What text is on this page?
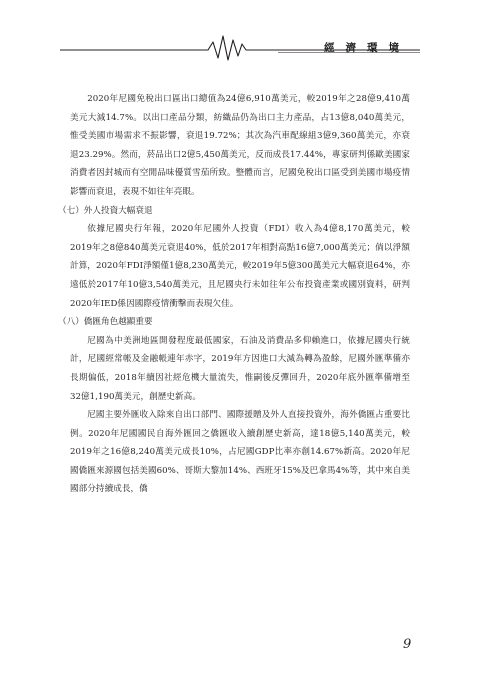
經濟環境

2020年尼國免稅出口區出口總值為24億6,910萬美元，較2019年之28億9,410萬美元大減14.7%。以出口產品分類，紡織品仍為出口主力產品，占13億8,040萬美元，惟受美國市場需求不振影響，衰退19.72%；其次為汽車配線組3億9,360萬美元，亦衰退23.29%。然而，菸品出口2億5,450萬美元，反而成長17.44%，專家研判係歐美國家消費者因封城而有空閒品味優質雪茄所致。整體而言，尼國免稅出口區受到美國市場疫情影響而衰退，表現不如往年亮眼。

（七）外人投資大幅衰退

依據尼國央行年報，2020年尼國外人投資（FDI）收入為4億8,170萬美元，較2019年之8億840萬美元衰退40%，低於2017年相對高點16億7,000萬美元；倘以淨額計算，2020年FDI淨額僅1億8,230萬美元，較2019年5億300萬美元大幅衰退64%，亦遠低於2017年10億3,540萬美元，且尼國央行未如往年公布投資產業或國別資料，研判2020年IED係因國際疫情衝擊而表現欠佳。

（八）僑匯角色越顯重要

尼國為中美洲地區開發程度最低國家，石油及消費品多仰賴進口，依據尼國央行統計，尼國經常帳及金融帳連年赤字，2019年方因進口大減為轉為盈餘，尼國外匯準備亦長期偏低，2018年續因社經危機大量流失，惟嗣後反彈回升，2020年底外匯準備增至32億1,190萬美元，創歷史新高。

尼國主要外匯收入除來自出口部門、國際援贈及外人直接投資外，海外僑匯占重要比例。2020年尼國國民自海外匯回之僑匯收入續創歷史新高，達18億5,140萬美元，較2019年之16億8,240萬美元成長10%，占尼國GDP比率亦創14.67%新高。2020年尼國僑匯來源國包括美國60%、哥斯大黎加14%、西班牙15%及巴拿馬4%等，其中來自美國部分持續成長，僑

9
